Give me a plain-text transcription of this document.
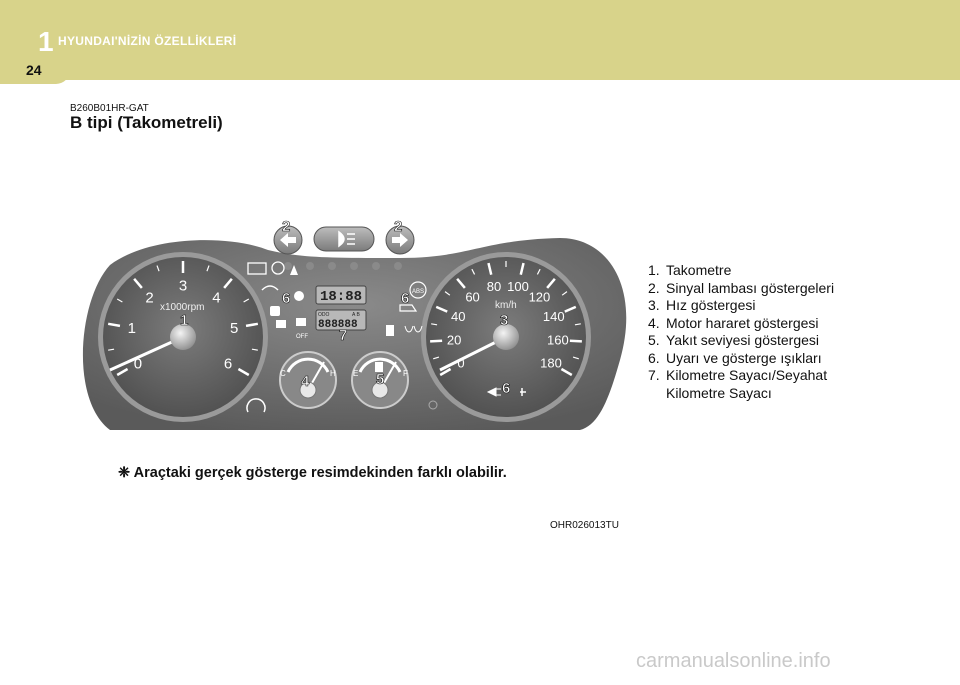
1 HYUNDAI'NİZİN ÖZELLİKLERİ
24
B260B01HR-GAT
B tipi (Takometreli)
0
1
2
3
4
5
6
x1000rpm
0
20
40
60
80 100
120
140
160
180
km/h
OFF
18:88
ODO	A B
888888
ABS
C	H E	F
1
2	2
3
4	5
6	6
6
7
1. Takometre
2. Sinyal lambası göstergeleri
3. Hız göstergesi
4. Motor hararet göstergesi
5. Yakıt seviyesi göstergesi
6. Uyarı ve gösterge ışıkları
7. Kilometre Sayacı/Seyahat Kilometre Sayacı
❈ Araçtaki gerçek gösterge resimdekinden farklı olabilir.
OHR026013TU
carmanualsonline.info
